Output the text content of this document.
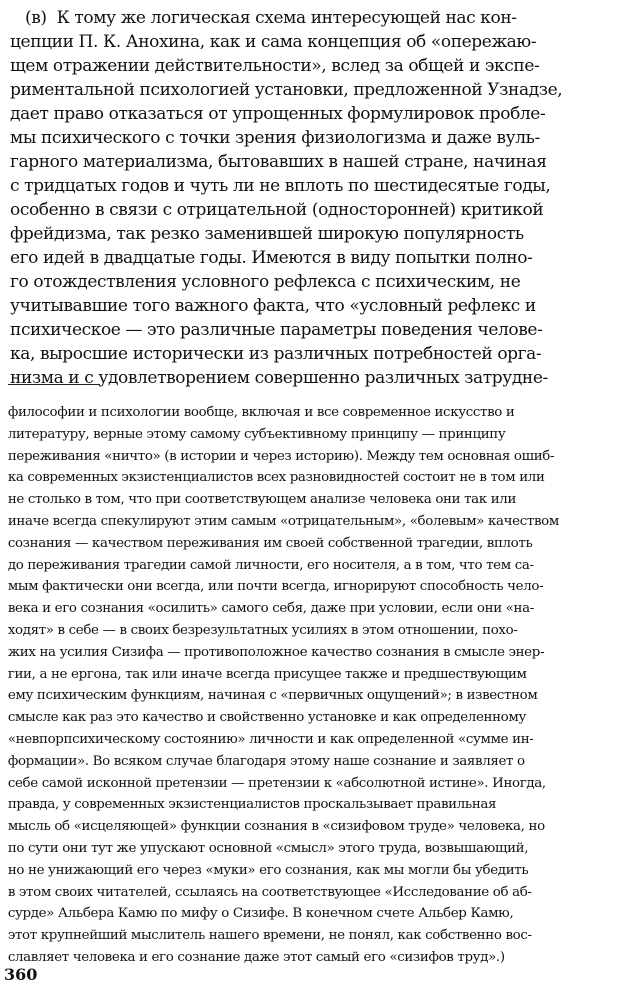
(в)  К тому же логическая схема интересующей нас кон-
цепции П. К. Анохина, как и сама концепция об «опережаю-
щем отражении действительности», вслед за общей и экспе-
риментальной психологией установки, предложенной Узнадзе,
дает право отказаться от упрощенных формулировок пробле-
мы психического с точки зрения физиологизма и даже вуль-
гарного материализма, бытовавших в нашей стране, начиная
с тридцатых годов и чуть ли не вплоть по шестидесятые годы,
особенно в связи с отрицательной (односторонней) критикой
фрейдизма, так резко заменившей широкую популярность
его идей в двадцатые годы. Имеются в виду попытки полно-
го отождествления условного рефлекса с психическим, не
учитывавшие того важного факта, что «условный рефлекс и
психическое — это различные параметры поведения челове-
ка, выросшие исторически из различных потребностей орга-
низма и с удовлетворением совершенно различных затрудне-
философии и психологии вообще, включая и все современное искусство и
литературу, верные этому самому субъективному принципу — принципу
переживания «ничто» (в истории и через историю). Между тем основная ошиб-
ка современных экзистенциалистов всех разновидностей состоит не в том или
не столько в том, что при соответствующем анализе человека они так или
иначе всегда спекулируют этим самым «отрицательным», «болевым» качеством
сознания — качеством переживания им своей собственной трагедии, вплоть
до переживания трагедии самой личности, его носителя, а в том, что тем са-
мым фактически они всегда, или почти всегда, игнорируют способность чело-
века и его сознания «осилить» самого себя, даже при условии, если они «на-
ходят» в себе — в своих безрезультатных усилиях в этом отношении, похо-
жих на усилия Сизифа — противоположное качество сознания в смысле энер-
гии, а не ергона, так или иначе всегда присущее также и предшествующим
ему психическим функциям, начиная с «первичных ощущений»; в известном
смысле как раз это качество и свойственно установке и как определенному
«невпорпсихическому состоянию» личности и как определенной «сумме ин-
формации». Во всяком случае благодаря этому наше сознание и заявляет о
себе самой исконной претензии — претензии к «абсолютной истине». Иногда,
правда, у современных экзистенциалистов проскальзывает правильная
мысль об «исцеляющей» функции сознания в «сизифовом труде» человека, но
по сути они тут же упускают основной «смысл» этого труда, возвышающий,
но не унижающий его через «муки» его сознания, как мы могли бы убедить
в этом своих читателей, ссылаясь на соответствующее «Исследование об аб-
сурде» Альбера Камю по мифу о Сизифе. В конечном счете Альбер Камю,
этот крупнейший мыслитель нашего времени, не понял, как собственно вос-
славляет человека и его сознание даже этот самый его «сизифов труд».)
360
